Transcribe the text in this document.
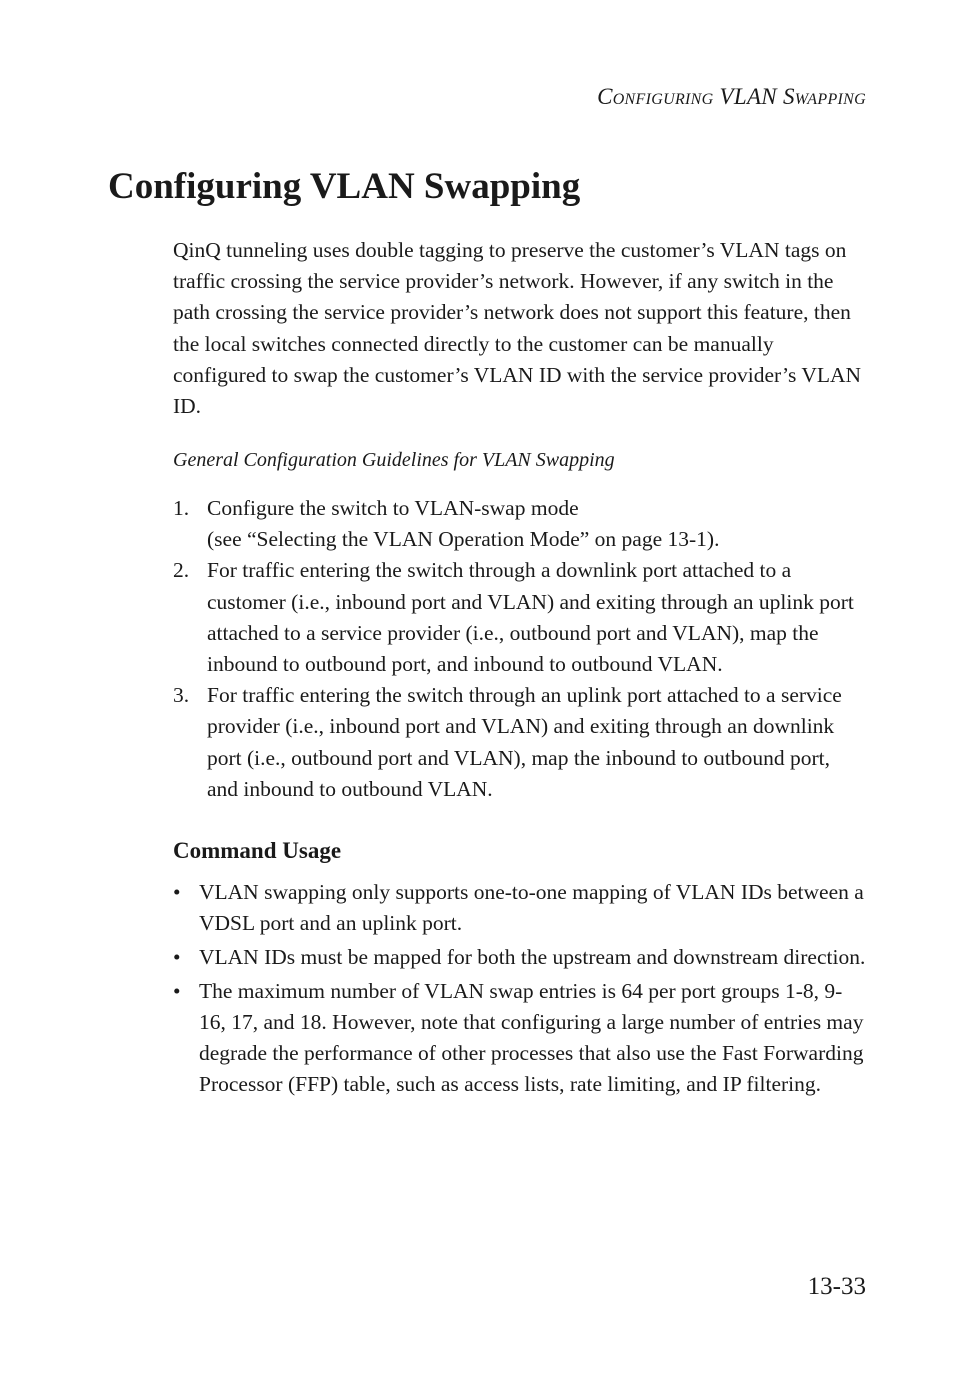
Configuring VLAN Swapping
Configuring VLAN Swapping

QinQ tunneling uses double tagging to preserve the customer’s VLAN tags on traffic crossing the service provider’s network. However, if any switch in the path crossing the service provider’s network does not support this feature, then the local switches connected directly to the customer can be manually configured to swap the customer’s VLAN ID with the service provider’s VLAN ID.

General Configuration Guidelines for VLAN Swapping

1. Configure the switch to VLAN-swap mode
(see “Selecting the VLAN Operation Mode” on page 13-1).
2. For traffic entering the switch through a downlink port attached to a customer (i.e., inbound port and VLAN) and exiting through an uplink port attached to a service provider (i.e., outbound port and VLAN), map the inbound to outbound port, and inbound to outbound VLAN.
3. For traffic entering the switch through an uplink port attached to a service provider (i.e., inbound port and VLAN) and exiting through an downlink port (i.e., outbound port and VLAN), map the inbound to outbound port, and inbound to outbound VLAN.
Command Usage
• VLAN swapping only supports one-to-one mapping of VLAN IDs between a VDSL port and an uplink port.
• VLAN IDs must be mapped for both the upstream and downstream direction.
• The maximum number of VLAN swap entries is 64 per port groups 1-8, 9-16, 17, and 18. However, note that configuring a large number of entries may degrade the performance of other processes that also use the Fast Forwarding Processor (FFP) table, such as access lists, rate limiting, and IP filtering.
13-33
